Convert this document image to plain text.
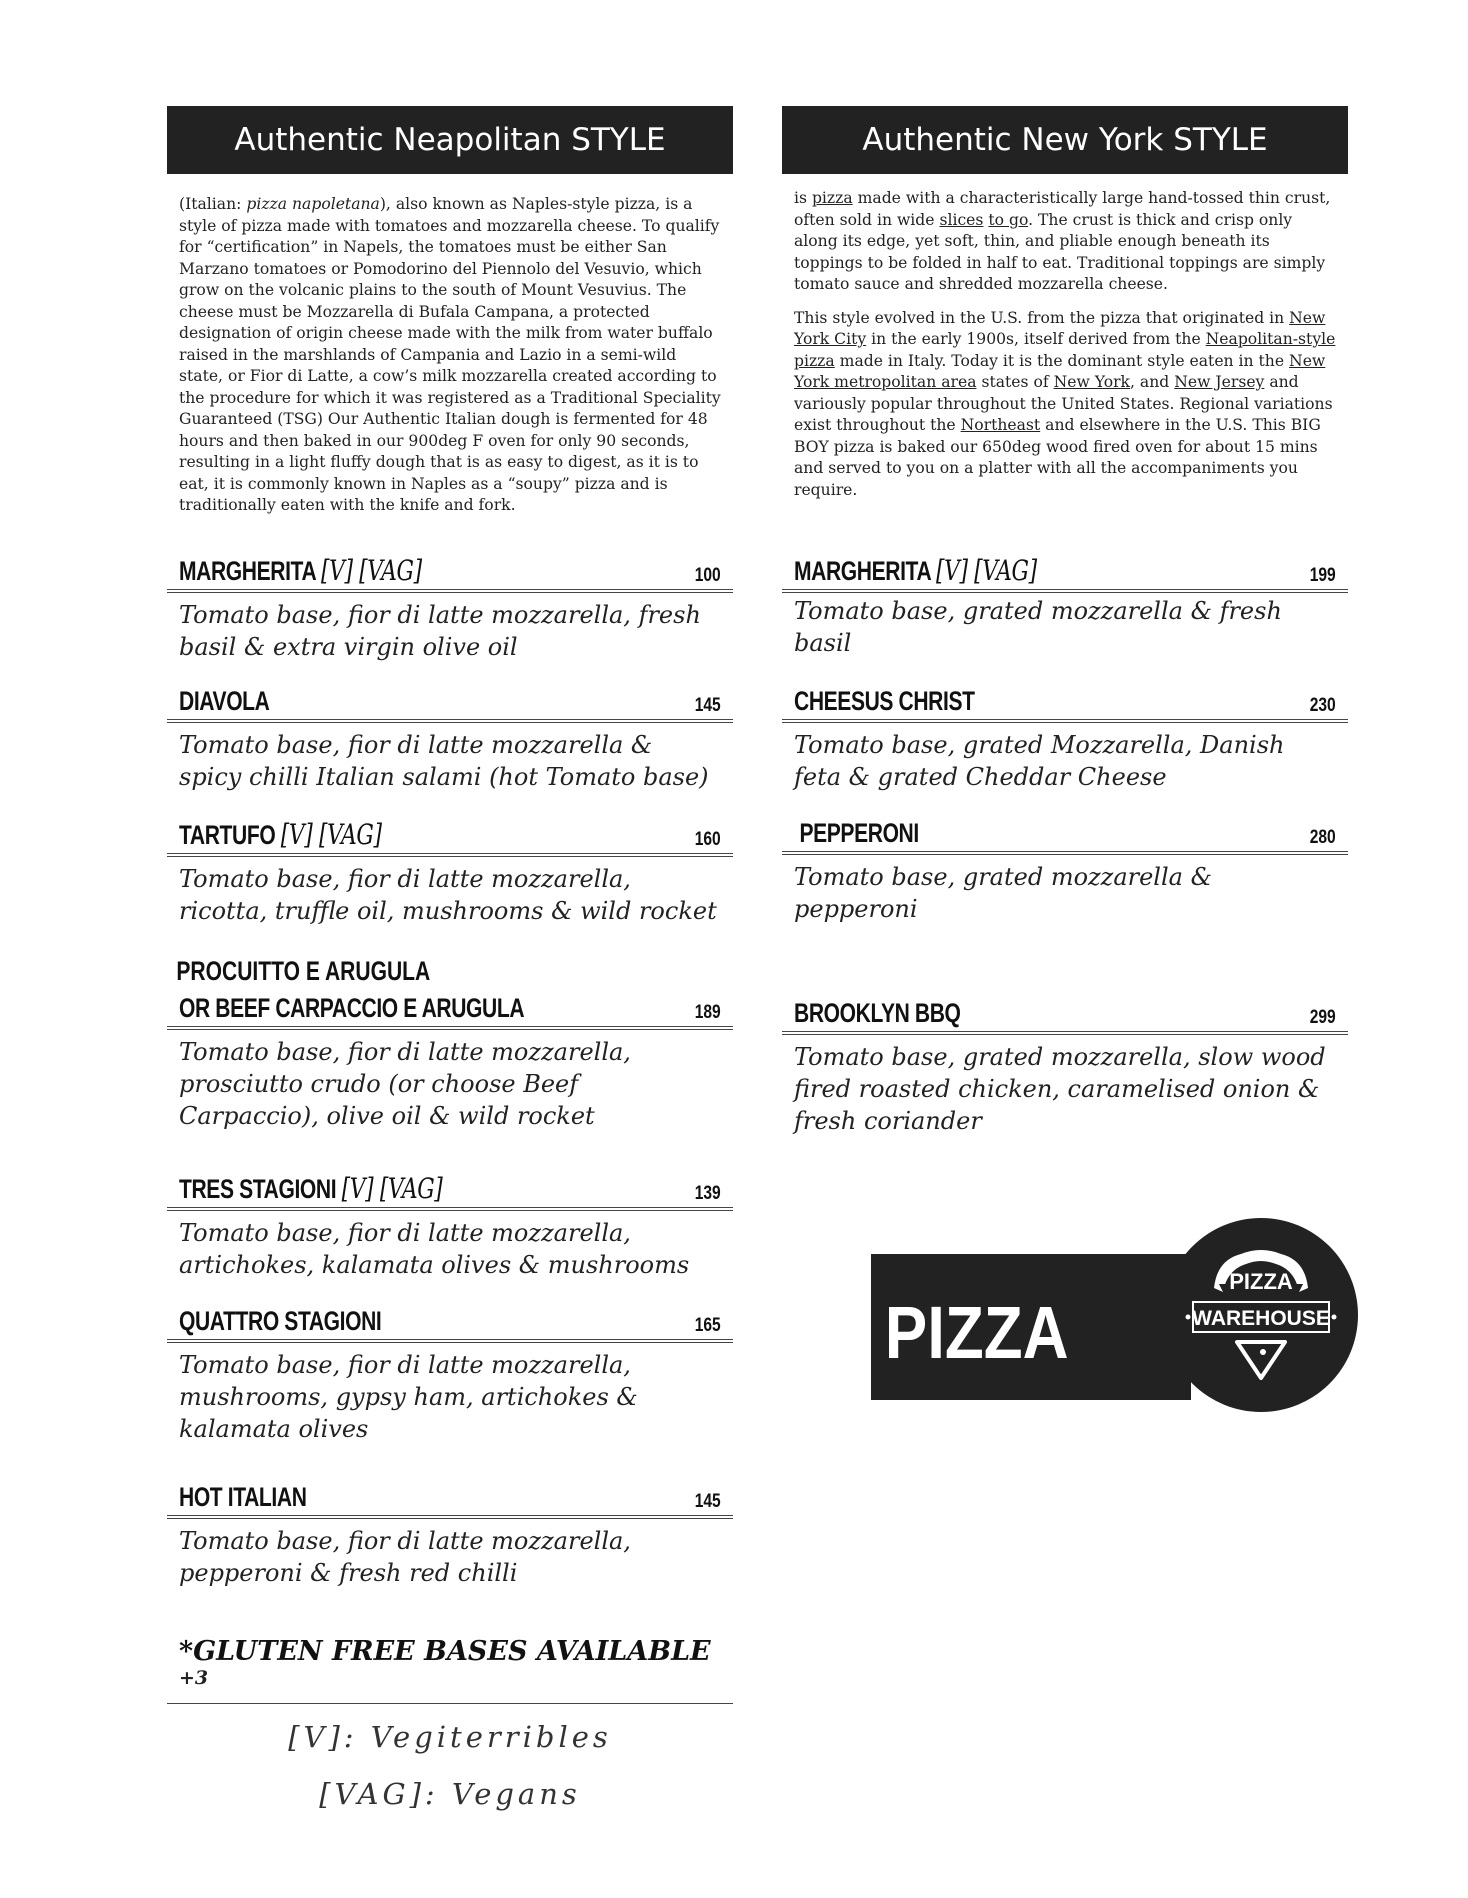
Authentic Neapolitan STYLE

(Italian: pizza napoletana), also known as Naples-style pizza, is a style of pizza made with tomatoes and mozzarella cheese. To qualify for “certification” in Napels, the tomatoes must be either San Marzano tomatoes or Pomodorino del Piennolo del Vesuvio, which grow on the volcanic plains to the south of Mount Vesuvius. The cheese must be Mozzarella di Bufala Campana, a protected designation of origin cheese made with the milk from water buffalo raised in the marshlands of Campania and Lazio in a semi-wild state, or Fior di Latte, a cow’s milk mozzarella created according to the procedure for which it was registered as a Traditional Speciality Guaranteed (TSG) Our Authentic Italian dough is fermented for 48 hours and then baked in our 900deg F oven for only 90 seconds, resulting in a light fluffy dough that is as easy to digest, as it is to eat, it is commonly known in Naples as a “soupy” pizza and is traditionally eaten with the knife and fork.

MARGHERITA [V] [VAG]	100
Tomato base, fior di latte mozzarella, fresh basil & extra virgin olive oil
DIAVOLA	145
Tomato base, fior di latte mozzarella & spicy chilli Italian salami (hot Tomato base)
TARTUFO [V] [VAG]	160
Tomato base, fior di latte mozzarella, ricotta, truffle oil, mushrooms & wild rocket
PROCUITTO E ARUGULA
OR BEEF CARPACCIO E ARUGULA	189
Tomato base, fior di latte mozzarella, prosciutto crudo (or choose Beef Carpaccio), olive oil & wild rocket
TRES STAGIONI [V] [VAG]	139
Tomato base, fior di latte mozzarella, artichokes, kalamata olives & mushrooms
QUATTRO STAGIONI	165
Tomato base, fior di latte mozzarella, mushrooms, gypsy ham, artichokes & kalamata olives
HOT ITALIAN	145
Tomato base, fior di latte mozzarella, pepperoni & fresh red chilli
*GLUTEN FREE BASES AVAILABLE +3
Authentic New York STYLE

is pizza made with a characteristically large hand-tossed thin crust, often sold in wide slices to go. The crust is thick and crisp only along its edge, yet soft, thin, and pliable enough beneath its toppings to be folded in half to eat. Traditional toppings are simply tomato sauce and shredded mozzarella cheese.

This style evolved in the U.S. from the pizza that originated in New York City in the early 1900s, itself derived from the Neapolitan-style pizza made in Italy. Today it is the dominant style eaten in the New York metropolitan area states of New York, and New Jersey and variously popular throughout the United States. Regional variations exist throughout the Northeast and elsewhere in the U.S. This BIG BOY pizza is baked our 650deg wood fired oven for about 15 mins and served to you on a platter with all the accompaniments you require.

MARGHERITA [V] [VAG]	199
Tomato base, grated mozzarella & fresh basil
CHEESUS CHRIST	230
Tomato base, grated Mozzarella, Danish feta & grated Cheddar Cheese
PEPPERONI	280
Tomato base, grated mozzarella & pepperoni
BROOKLYN BBQ	299
Tomato base, grated mozzarella, slow wood fired roasted chicken, caramelised onion & fresh coriander
[V]: Vegiterribles
[VAG]: Vegans
PIZZA
PIZZA
WAREHOUSE
